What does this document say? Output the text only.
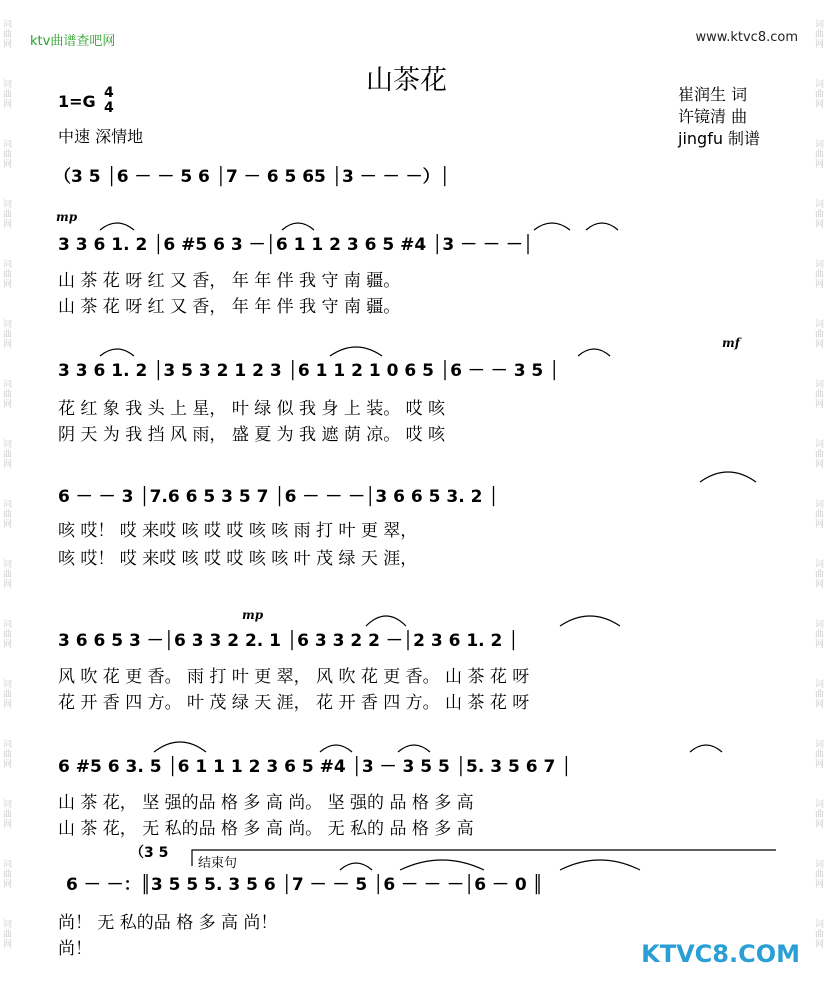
词曲网
词曲网
词曲网
词曲网
词曲网
词曲网
词曲网
词曲网
词曲网
词曲网
词曲网
词曲网
词曲网
词曲网
词曲网
词曲网
词曲网
词曲网
词曲网
词曲网
词曲网
词曲网
词曲网
词曲网
词曲网
词曲网
词曲网
词曲网
词曲网
词曲网
词曲网
词曲网
ktv曲谱查吧网	www.ktvc8.com
山茶花	崔润生 词
许镜清 曲
jingfu 制谱
1=G 4
4
中速 深情地
（3 5 │6 － － 5 6 │7 － 6 5 65 │3 － － －）│
mp
3 3 6 1. 2 │6 #5 6 3 －│6 1 1 2 3 6 5 #4 │3 － － －│
山 茶 花 呀 红 又 香， 年 年 伴 我 守 南 疆。
山 茶 花 呀 红 又 香， 年 年 伴 我 守 南 疆。
mf
3 3 6 1. 2 │3 5 3 2 1 2 3 │6 1 1 2 1 0 6 5 │6 － － 3 5 │
花 红 象 我 头 上 星， 叶 绿 似 我 身 上 装。 哎 咳
阴 天 为 我 挡 风 雨， 盛 夏 为 我 遮 荫 凉。 哎 咳
6 － － 3 │7.6 6 5 3 5 7 │6 － － －│3 6 6 5 3. 2 │
咳 哎！ 哎 来哎 咳 哎 哎 咳 咳 雨 打 叶 更 翠，
咳 哎！ 哎 来哎 咳 哎 哎 咳 咳 叶 茂 绿 天 涯，
mp
3 6 6 5 3 －│6 3 3 2 2. 1 │6 3 3 2 2 －│2 3 6 1. 2 │
风 吹 花 更 香。 雨 打 叶 更 翠， 风 吹 花 更 香。 山 茶 花 呀
花 开 香 四 方。 叶 茂 绿 天 涯， 花 开 香 四 方。 山 茶 花 呀
6 #5 6 3. 5 │6 1 1 1 2 3 6 5 #4 │3 － 3 5 5 │5. 3 5 6 7 │
山 茶 花， 坚 强的品 格 多 高 尚。 坚 强的 品 格 多 高
山 茶 花， 无 私的品 格 多 高 尚。 无 私的 品 格 多 高
（3 5
结束句
6 － －：║3 5 5 5. 3 5 6 │7 － － 5 │6 － － －│6 － 0 ║
尚！ 无 私的品 格 多 高 尚！
尚！	KTVC8.COM
